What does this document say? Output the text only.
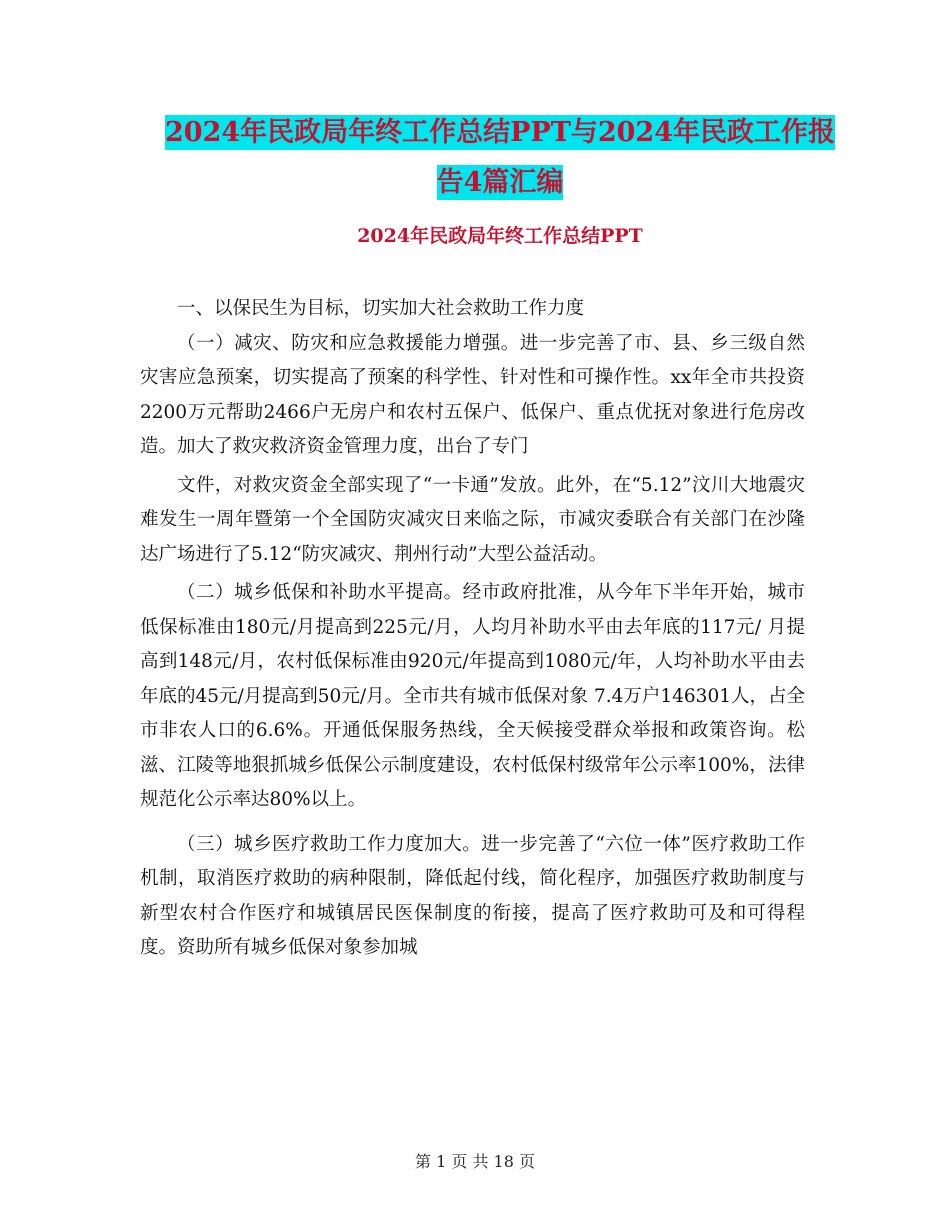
2024年民政局年终工作总结PPT与2024年民政工作报
告4篇汇编
2024年民政局年终工作总结PPT

一、以保民生为目标，切实加大社会救助工作力度

（一）减灾、防灾和应急救援能力增强。进一步完善了市、县、乡三级自然灾害应急预案，切实提高了预案的科学性、针对性和可操作性。xx年全市共投资 2200万元帮助2466户无房户和农村五保户、低保户、重点优抚对象进行危房改造。加大了救灾救济资金管理力度，出台了专门

文件，对救灾资金全部实现了“一卡通”发放。此外，在“5.12”汶川大地震灾难发生一周年暨第一个全国防灾减灾日来临之际，市减灾委联合有关部门在沙隆达广场进行了5.12“防灾减灾、荆州行动”大型公益活动。

（二）城乡低保和补助水平提高。经市政府批准，从今年下半年开始，城市低保标准由180元/月提高到225元/月，人均月补助水平由去年底的117元/ 月提高到148元/月，农村低保标准由920元/年提高到1080元/年，人均补助水平由去年底的45元/月提高到50元/月。全市共有城市低保对象 7.4万户146301人，占全市非农人口的6.6%。开通低保服务热线，全天候接受群众举报和政策咨询。松滋、江陵等地狠抓城乡低保公示制度建设，农村低保村级常年公示率100%，法律规范化公示率达80%以上。

（三）城乡医疗救助工作力度加大。进一步完善了“六位一体”医疗救助工作机制，取消医疗救助的病种限制，降低起付线，简化程序，加强医疗救助制度与新型农村合作医疗和城镇居民医保制度的衔接，提高了医疗救助可及和可得程度。资助所有城乡低保对象参加城

第 1 页 共 18 页
